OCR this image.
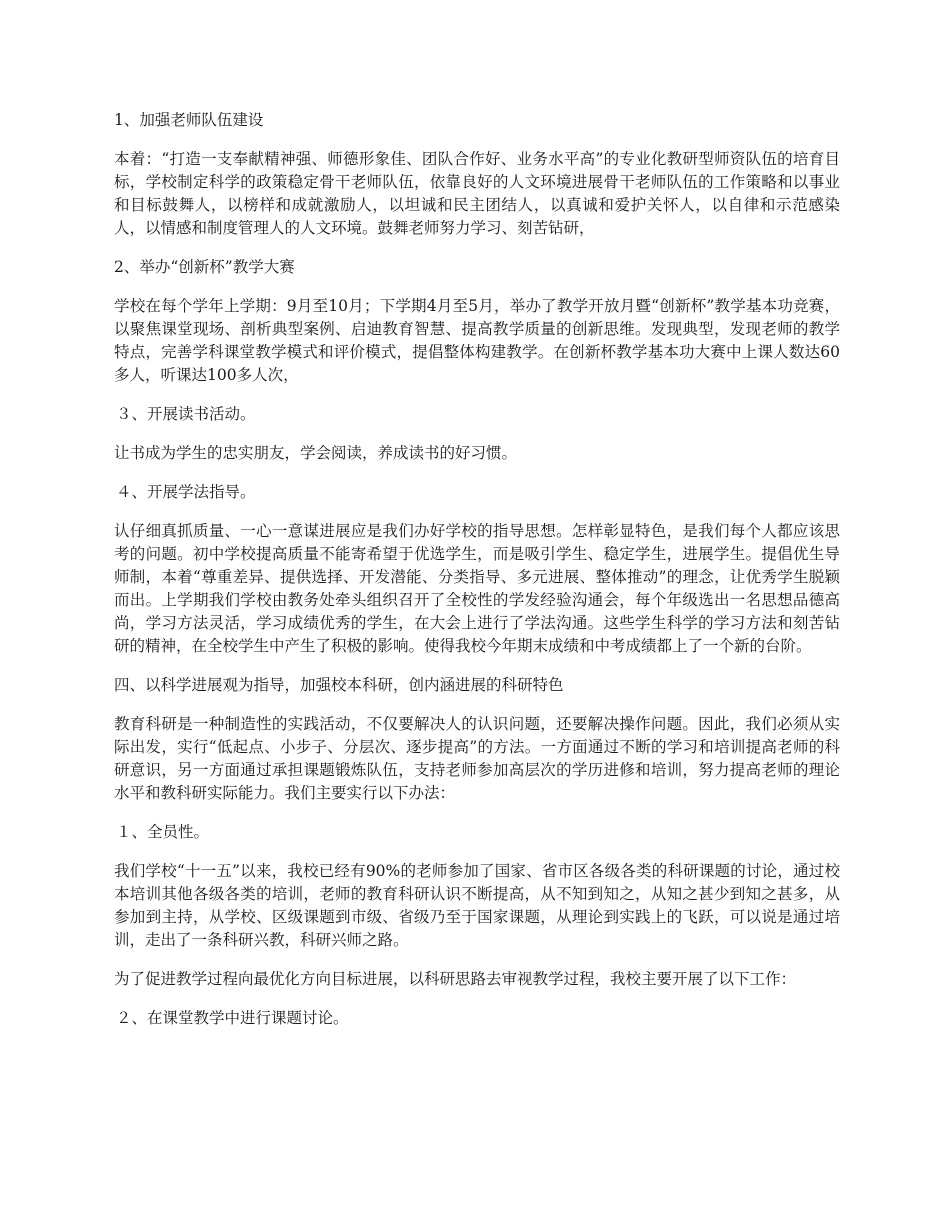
1、加强老师队伍建设

本着：“打造一支奉献精神强、师德形象佳、团队合作好、业务水平高”的专业化教研型师资队伍的培育目标，学校制定科学的政策稳定骨干老师队伍，依靠良好的人文环境进展骨干老师队伍的工作策略和以事业和目标鼓舞人，以榜样和成就激励人，以坦诚和民主团结人，以真诚和爱护关怀人，以自律和示范感染人，以情感和制度管理人的人文环境。鼓舞老师努力学习、刻苦钻研，

2、举办“创新杯”教学大赛

学校在每个学年上学期：9月至10月；下学期4月至5月，举办了教学开放月暨“创新杯”教学基本功竞赛，以聚焦课堂现场、剖析典型案例、启迪教育智慧、提高教学质量的创新思维。发现典型，发现老师的教学特点，完善学科课堂教学模式和评价模式，提倡整体构建教学。在创新杯教学基本功大赛中上课人数达60多人，听课达100多人次，

３、开展读书活动。

让书成为学生的忠实朋友，学会阅读，养成读书的好习惯。

４、开展学法指导。

认仔细真抓质量、一心一意谋进展应是我们办好学校的指导思想。怎样彰显特色，是我们每个人都应该思考的问题。初中学校提高质量不能寄希望于优选学生，而是吸引学生、稳定学生，进展学生。提倡优生导师制，本着“尊重差异、提供选择、开发潜能、分类指导、多元进展、整体推动”的理念，让优秀学生脱颖而出。上学期我们学校由教务处牵头组织召开了全校性的学发经验沟通会，每个年级选出一名思想品德高尚，学习方法灵活，学习成绩优秀的学生，在大会上进行了学法沟通。这些学生科学的学习方法和刻苦钻研的精神，在全校学生中产生了积极的影响。使得我校今年期末成绩和中考成绩都上了一个新的台阶。

四、以科学进展观为指导，加强校本科研，创内涵进展的科研特色

教育科研是一种制造性的实践活动，不仅要解决人的认识问题，还要解决操作问题。因此，我们必须从实际出发，实行“低起点、小步子、分层次、逐步提高”的方法。一方面通过不断的学习和培训提高老师的科研意识，另一方面通过承担课题锻炼队伍，支持老师参加高层次的学历进修和培训，努力提高老师的理论水平和教科研实际能力。我们主要实行以下办法：

１、全员性。

我们学校“十一五”以来，我校已经有90%的老师参加了国家、省市区各级各类的科研课题的讨论，通过校本培训其他各级各类的培训，老师的教育科研认识不断提高，从不知到知之，从知之甚少到知之甚多，从参加到主持，从学校、区级课题到市级、省级乃至于国家课题，从理论到实践上的飞跃，可以说是通过培训，走出了一条科研兴教，科研兴师之路。

为了促进教学过程向最优化方向目标进展，以科研思路去审视教学过程，我校主要开展了以下工作：

２、在课堂教学中进行课题讨论。
